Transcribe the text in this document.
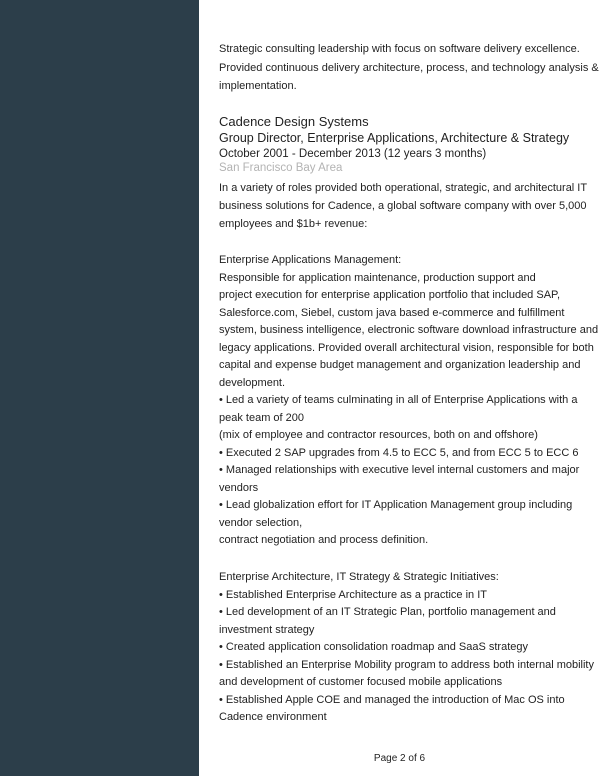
Strategic consulting leadership with focus on software delivery excellence.
Provided continuous delivery architecture, process, and technology analysis &
implementation.
Cadence Design Systems
Group Director, Enterprise Applications, Architecture & Strategy
October 2001 - December 2013 (12 years 3 months)
San Francisco Bay Area
In a variety of roles provided both operational, strategic, and architectural IT
business solutions for Cadence, a global software company with over 5,000
employees and $1b+ revenue:
Enterprise Applications Management:
Responsible for application maintenance, production support and
project execution for enterprise application portfolio that included SAP,
Salesforce.com, Siebel, custom java based e-commerce and fulfillment
system, business intelligence, electronic software download infrastructure and
legacy applications. Provided overall architectural vision, responsible for both
capital and expense budget management and organization leadership and
development.
• Led a variety of teams culminating in all of Enterprise Applications with a
peak team of 200
(mix of employee and contractor resources, both on and offshore)
• Executed 2 SAP upgrades from 4.5 to ECC 5, and from ECC 5 to ECC 6
• Managed relationships with executive level internal customers and major
vendors
• Lead globalization effort for IT Application Management group including
vendor selection,
contract negotiation and process definition.
Enterprise Architecture, IT Strategy & Strategic Initiatives:
• Established Enterprise Architecture as a practice in IT
• Led development of an IT Strategic Plan, portfolio management and
investment strategy
• Created application consolidation roadmap and SaaS strategy
• Established an Enterprise Mobility program to address both internal mobility
and development of customer focused mobile applications
• Established Apple COE and managed the introduction of Mac OS into
Cadence environment
Page 2 of 6
